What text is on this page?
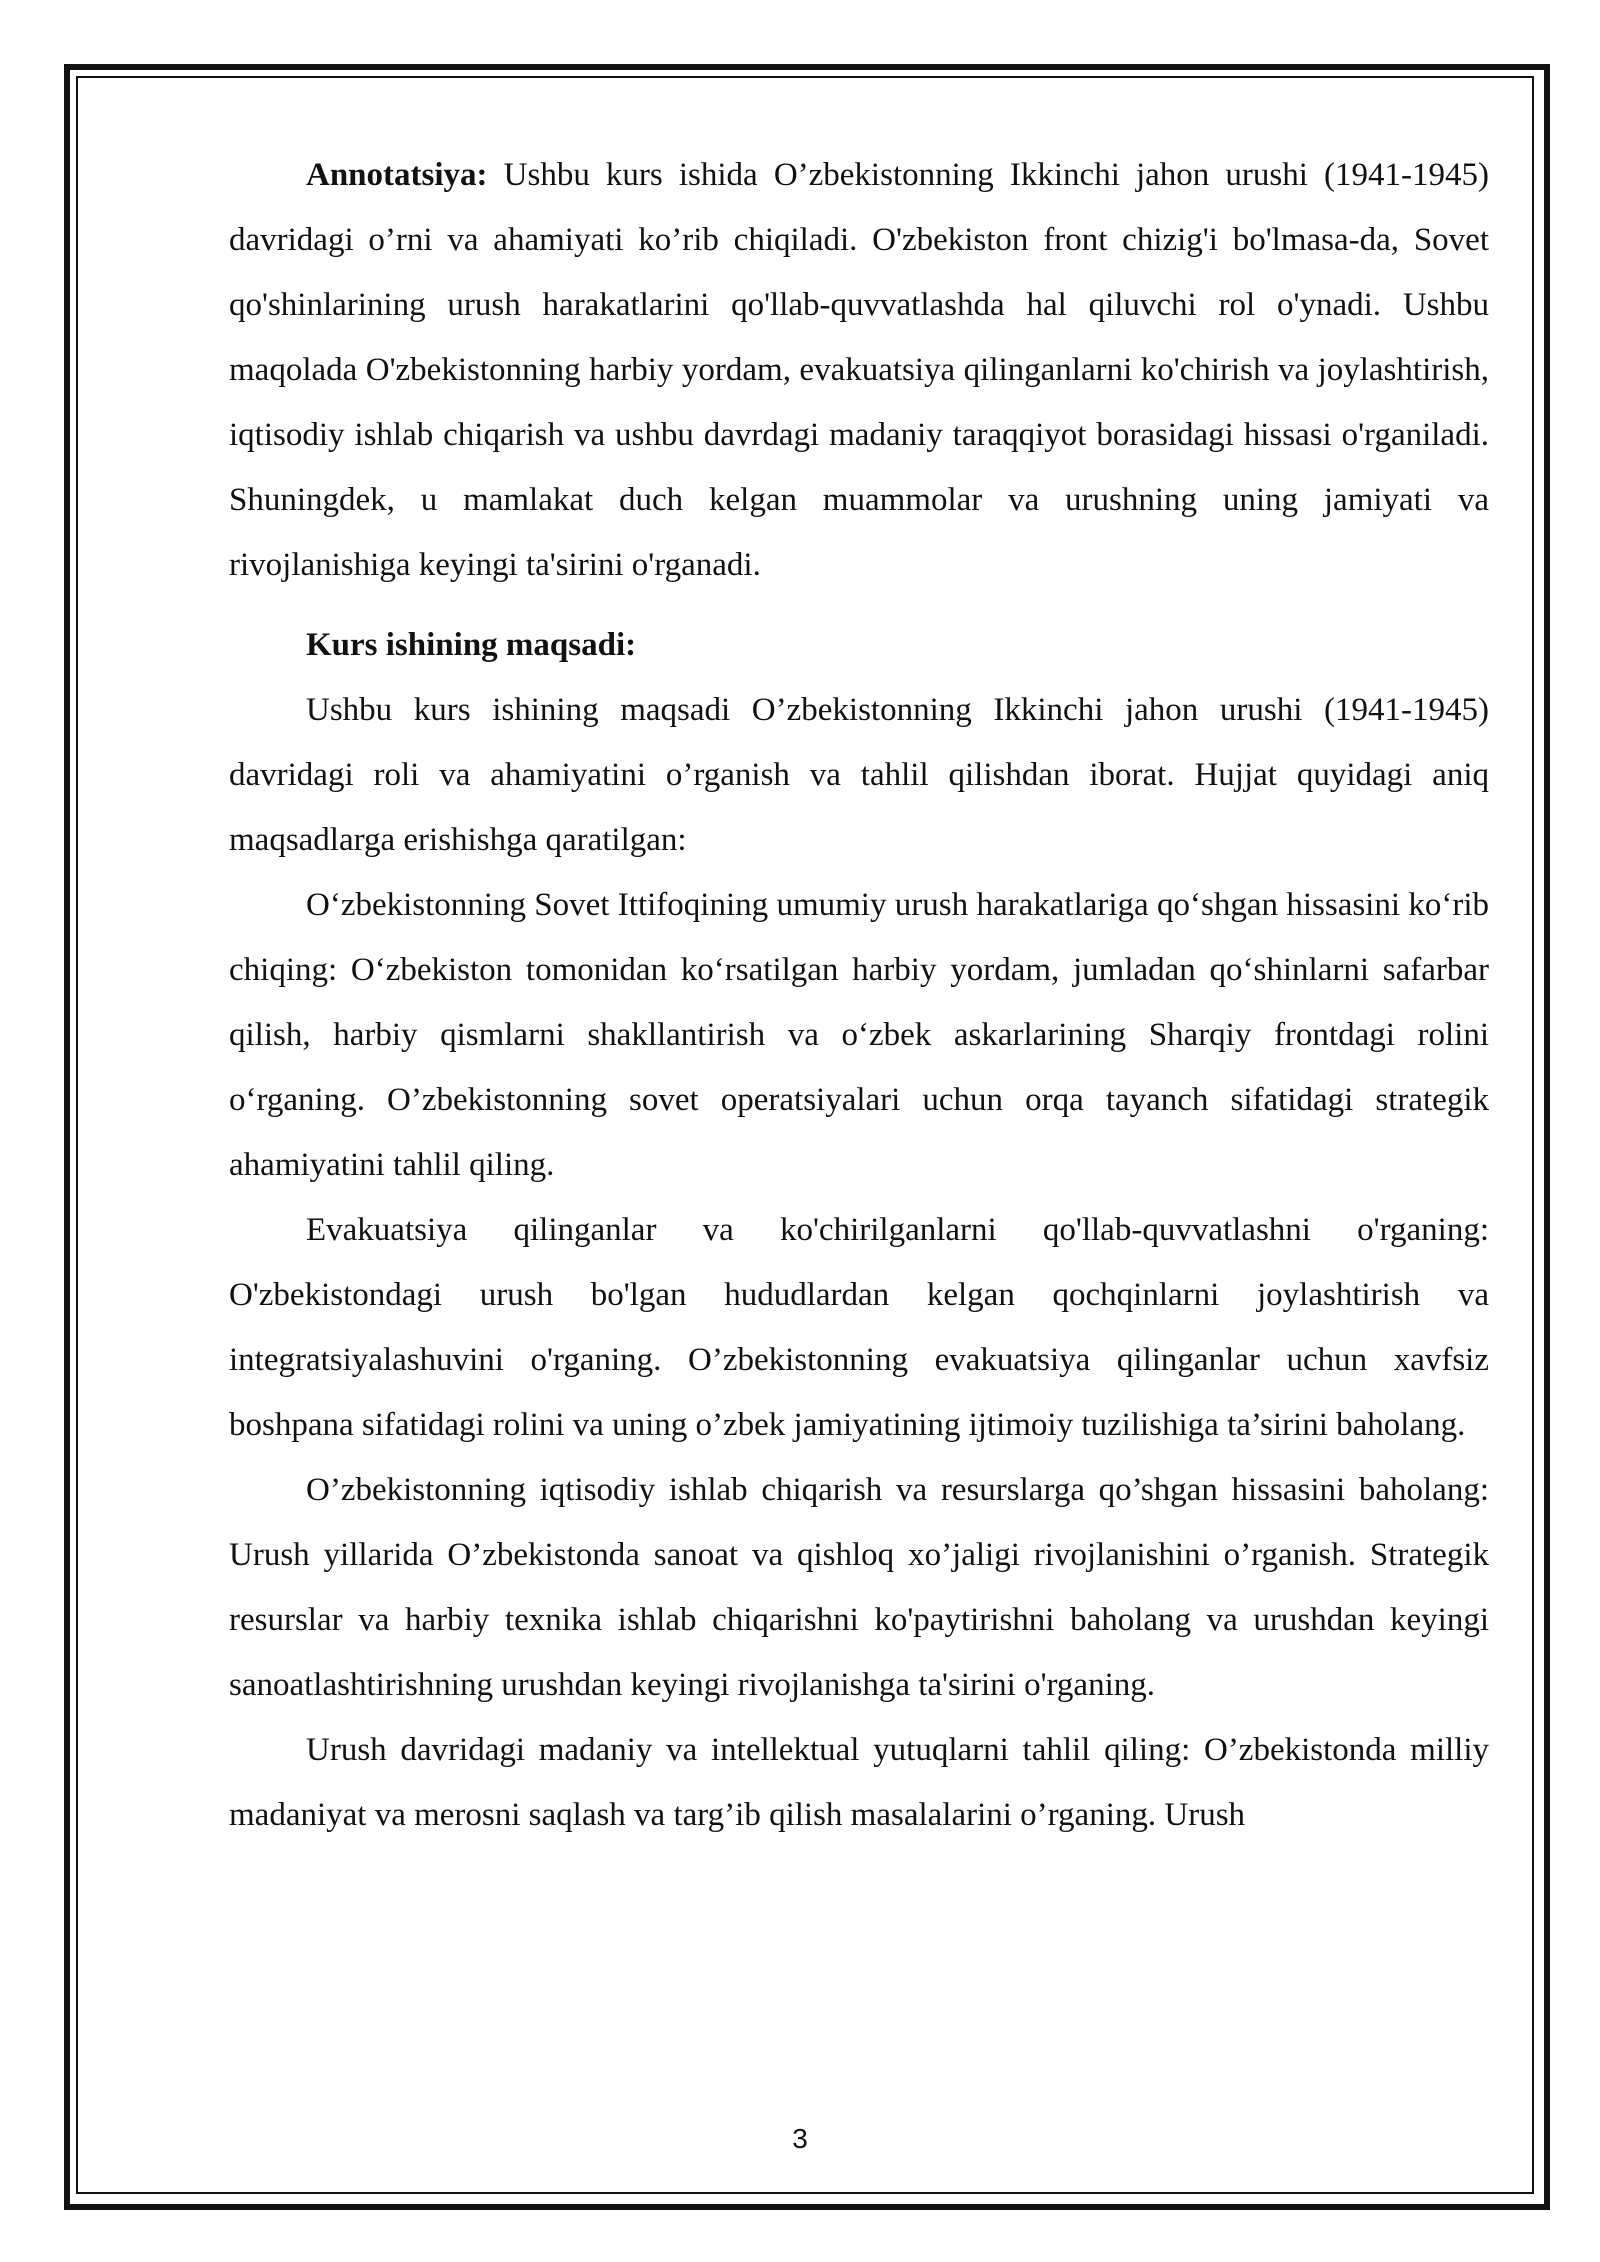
Annotatsiya: Ushbu kurs ishida O’zbekistonning Ikkinchi jahon urushi (1941-1945) davridagi o’rni va ahamiyati ko’rib chiqiladi. O'zbekiston front chizig'i bo'lmasa-da, Sovet qo'shinlarining urush harakatlarini qo'llab-quvvatlashda hal qiluvchi rol o'ynadi. Ushbu maqolada O'zbekistonning harbiy yordam, evakuatsiya qilinganlarni ko'chirish va joylashtirish, iqtisodiy ishlab chiqarish va ushbu davrdagi madaniy taraqqiyot borasidagi hissasi o'rganiladi. Shuningdek, u mamlakat duch kelgan muammolar va urushning uning jamiyati va rivojlanishiga keyingi ta'sirini o'rganadi.

Kurs ishining maqsadi:

Ushbu kurs ishining maqsadi O’zbekistonning Ikkinchi jahon urushi (1941-1945) davridagi roli va ahamiyatini o’rganish va tahlil qilishdan iborat. Hujjat quyidagi aniq maqsadlarga erishishga qaratilgan:

O‘zbekistonning Sovet Ittifoqining umumiy urush harakatlariga qo‘shgan hissasini ko‘rib chiqing: O‘zbekiston tomonidan ko‘rsatilgan harbiy yordam, jumladan qo‘shinlarni safarbar qilish, harbiy qismlarni shakllantirish va o‘zbek askarlarining Sharqiy frontdagi rolini o‘rganing. O’zbekistonning sovet operatsiyalari uchun orqa tayanch sifatidagi strategik ahamiyatini tahlil qiling.

Evakuatsiya qilinganlar va ko'chirilganlarni qo'llab-quvvatlashni o'rganing: O'zbekistondagi urush bo'lgan hududlardan kelgan qochqinlarni joylashtirish va integratsiyalashuvini o'rganing. O’zbekistonning evakuatsiya qilinganlar uchun xavfsiz boshpana sifatidagi rolini va uning o’zbek jamiyatining ijtimoiy tuzilishiga ta’sirini baholang.

O’zbekistonning iqtisodiy ishlab chiqarish va resurslarga qo’shgan hissasini baholang: Urush yillarida O’zbekistonda sanoat va qishloq xo’jaligi rivojlanishini o’rganish. Strategik resurslar va harbiy texnika ishlab chiqarishni ko'paytirishni baholang va urushdan keyingi sanoatlashtirishning urushdan keyingi rivojlanishga ta'sirini o'rganing.

Urush davridagi madaniy va intellektual yutuqlarni tahlil qiling: O’zbekistonda milliy madaniyat va merosni saqlash va targ’ib qilish masalalarini o’rganing. Urush

3
